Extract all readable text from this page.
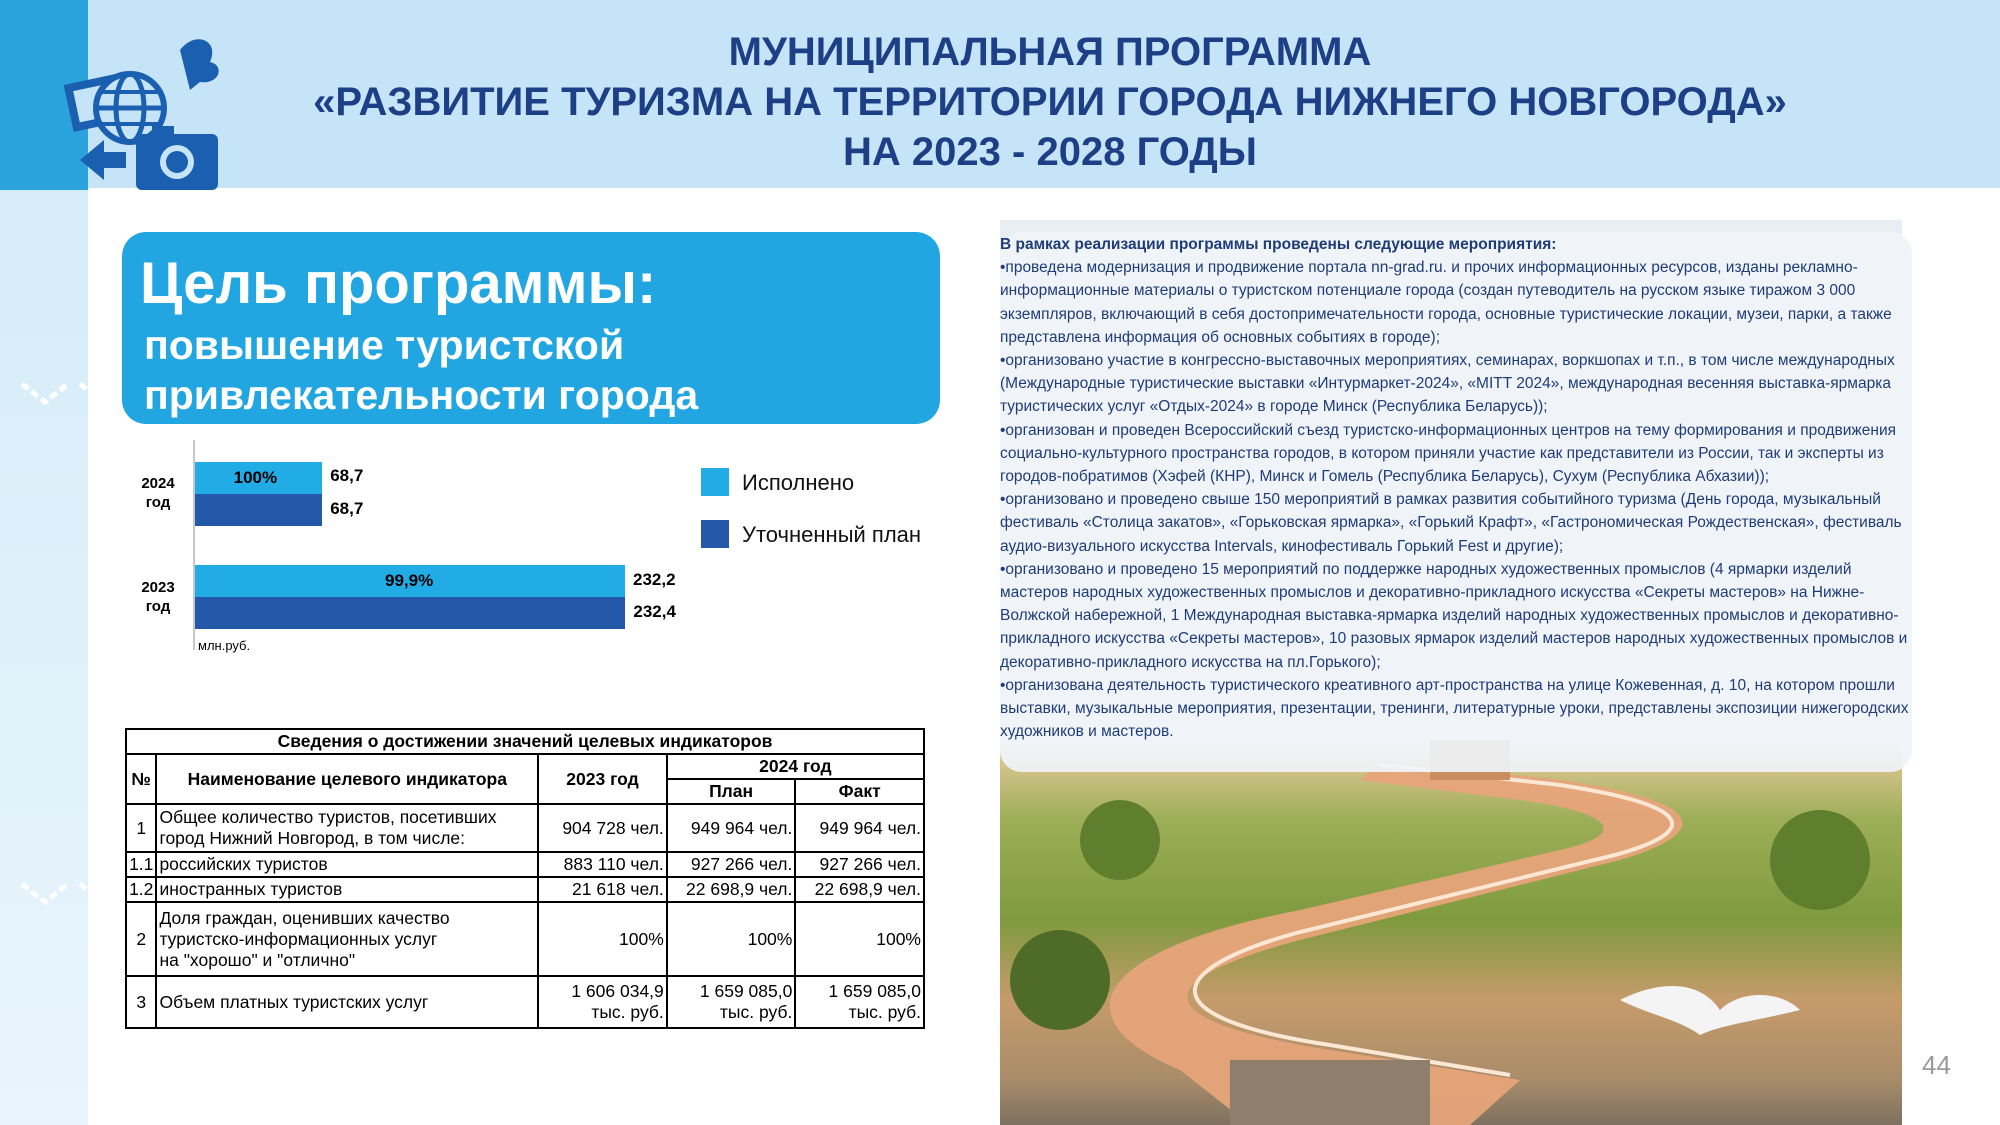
МУНИЦИПАЛЬНАЯ ПРОГРАММА
«РАЗВИТИЕ ТУРИЗМА НА ТЕРРИТОРИИ ГОРОДА НИЖНЕГО НОВГОРОДА»
НА 2023 - 2028 ГОДЫ

Цель программы:
повышение туристской
привлекательности города
2024 год
2023 год
100%
99,9%
68,7
68,7
232,2
232,4
млн.руб.
Исполнено
Уточненный план
Сведения о достижении значений целевых индикаторов				
№	Наименование целевого индикатора	2023 год	2024 год	
			План	Факт
1	Общее количество туристов, посетивших
город Нижний Новгород, в том числе:	904 728 чел.	949 964 чел.	949 964 чел.
1.1	российских туристов	883 110 чел.	927 266 чел.	927 266 чел.
1.2	иностранных туристов	21 618 чел.	22 698,9 чел.	22 698,9 чел.
2	Доля граждан, оценивших качество
туристско-информационных услуг
на "хорошо" и "отлично"	100%	100%	100%
3	Объем платных туристских услуг	1 606 034,9 тыс. руб.	1 659 085,0 тыс. руб.	1 659 085,0 тыс. руб.

В рамках реализации программы проведены следующие мероприятия:

•проведена модернизация и продвижение портала nn-grad.ru. и прочих информационных ресурсов, изданы рекламно-информационные материалы о туристском потенциале города (создан путеводитель на русском языке тиражом 3 000 экземпляров, включающий в себя достопримечательности города, основные туристические локации, музеи, парки, а также представлена информация об основных событиях в городе);

•организовано участие в конгрессно-выставочных мероприятиях, семинарах, воркшопах и т.п., в том числе международных (Международные туристические выставки «Интурмаркет-2024», «MITT 2024», международная весенняя выставка-ярмарка туристических услуг «Отдых-2024» в городе Минск (Республика Беларусь));

•организован и проведен Всероссийский съезд туристско-информационных центров на тему формирования и продвижения социально-культурного пространства городов, в котором приняли участие как представители из России, так и эксперты из городов-побратимов (Хэфей (КНР), Минск и Гомель (Республика Беларусь), Сухум (Республика Абхазии));

•организовано и проведено свыше 150 мероприятий в рамках развития событийного туризма (День города, музыкальный фестиваль «Столица закатов», «Горьковская ярмарка», «Горький Крафт», «Гастрономическая Рождественская», фестиваль аудио-визуального искусства Intervals, кинофестиваль Горький Fest и другие);

•организовано и проведено 15 мероприятий по поддержке народных художественных промыслов (4 ярмарки изделий мастеров народных художественных промыслов и декоративно-прикладного искусства «Секреты мастеров» на Нижне-Волжской набережной, 1 Международная выставка-ярмарка изделий народных художественных промыслов и декоративно-прикладного искусства «Секреты мастеров», 10 разовых ярмарок изделий мастеров народных художественных промыслов и декоративно-прикладного искусства на пл.Горького);

•организована деятельность туристического креативного арт-пространства на улице Кожевенная, д. 10, на котором прошли выставки, музыкальные мероприятия, презентации, тренинги, литературные уроки, представлены экспозиции нижегородских художников и мастеров.

44
